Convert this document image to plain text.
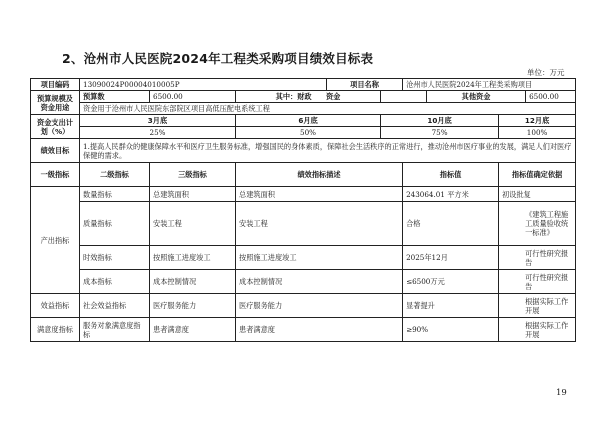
2、沧州市人民医院2024年工程类采购项目绩效目标表
单位：万元
项目编码	13090024P00004010005P			项目名称		沧州市人民医院2024年工程类采购项目			
预算规模及资金用途	预算数	6500.00	其中：财政　　资金				其他资金		6500.00
	资金用于沧州市人民医院东部院区项目高低压配电系统工程								
资金支出计划（%）	3月底		6月底		10月底			12月底	
	25%		50%		75%			100%	
绩效目标	1.提高人民群众的健康保障水平和医疗卫生服务标准，增强国民的身体素质，保障社会生活秩序的正常进行，推动沧州市医疗事业的发展，满足人们对医疗保健的需求。								
一级指标	二级指标	三级指标	绩效指标描述			指标值		指标值确定依据	
产出指标	数量指标	总建筑面积	总建筑面积			243064.01 平方米		初设批复	
	质量指标	安装工程	安装工程			合格		《建筑工程施工质量验收统一标准》	
	时效指标	按照施工进度竣工	按照施工进度竣工			2025年12月		可行性研究报告	
	成本指标	成本控制情况	成本控制情况			≤6500万元		可行性研究报告	
效益指标	社会效益指标	医疗服务能力	医疗服务能力			显著提升		根据实际工作开展	
满意度指标	服务对象满意度指标	患者满意度	患者满意度			≥90%		根据实际工作开展	
19
